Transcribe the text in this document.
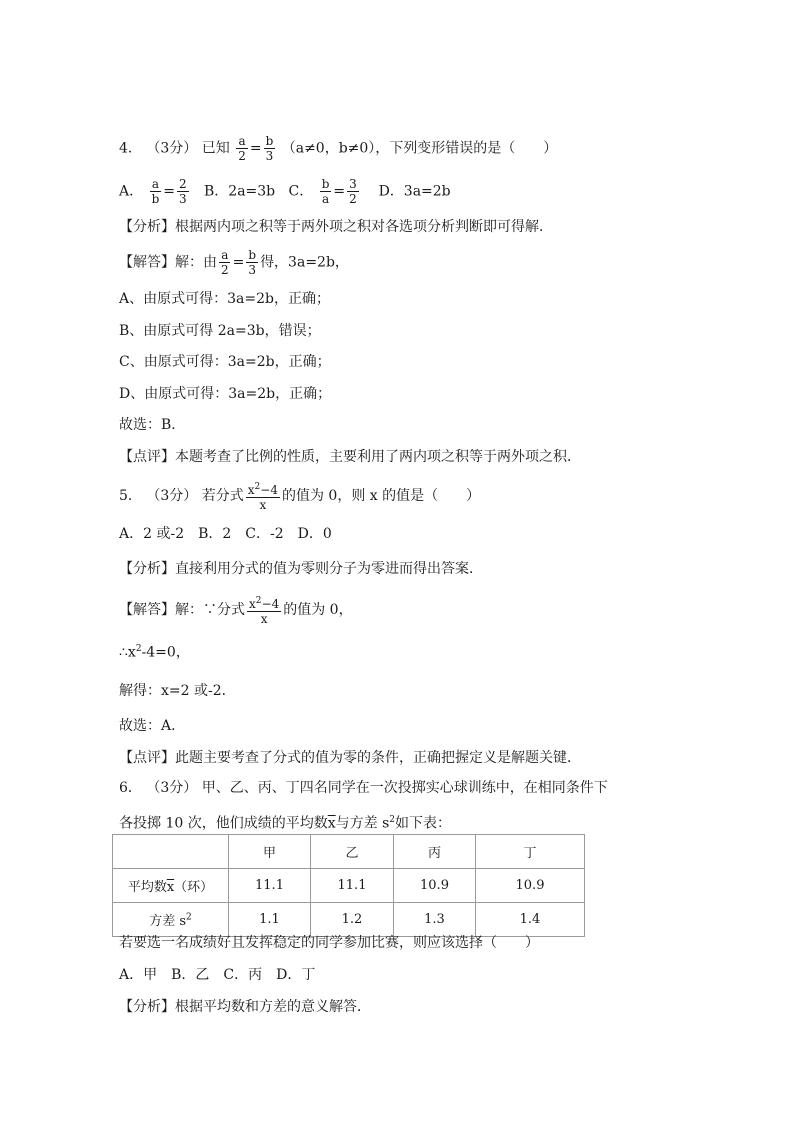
4． （3分） 已知 $\frac{a}{2} = \frac{b}{3} (a\ne 0$，b≠0），下列变形错误的是（　　）
A． $\frac{a}{b} = \frac{2}{3}$ B．2a=3b C． $\frac{b}{a} = \frac{3}{2}$ D．3a=2b
【分析】根据两内项之积等于两外项之积对各选项分析判断即可得解．
【解答】解：由 $\frac{a}{2} = \frac{b}{3}$ 得，3a=2b，
A、由原式可得：3a=2b，正确；
B、由原式可得 2a=3b，错误；
C、由原式可得：3a=2b，正确；
D、由原式可得：3a=2b，正确；
故选：B．
【点评】本题考查了比例的性质，主要利用了两内项之积等于两外项之积．
5． （3分） 若分式 $\frac{x^2-4}{x}$ 的值为 0，则 x 的值是（　　）
A．2 或-2　B．2　C．-2　D．0
【分析】直接利用分式的值为零则分子为零进而得出答案．
【解答】解：∵分式 $\frac{x^2-4}{x}$ 的值为 0，
$\therefore x^2-4=0$，
解得：x=2 或-2．
故选：A．
【点评】此题主要考查了分式的值为零的条件，正确把握定义是解题关键．
6． （3分） 甲、乙、丙、丁四名同学在一次投掷实心球训练中，在相同条件下
各投掷 10 次，他们成绩的平均数$\overline{x}$与方差 $s^2$如下表：
	甲	乙	丙	丁
平均数$\overline{x}$（环）	11.1	11.1	10.9	10.9
方差 $s^2$	1.1	1.2	1.3	1.4
若要选一名成绩好且发挥稳定的同学参加比赛，则应该选择（　　）
A．甲　B．乙　C．丙　D．丁
【分析】根据平均数和方差的意义解答．
